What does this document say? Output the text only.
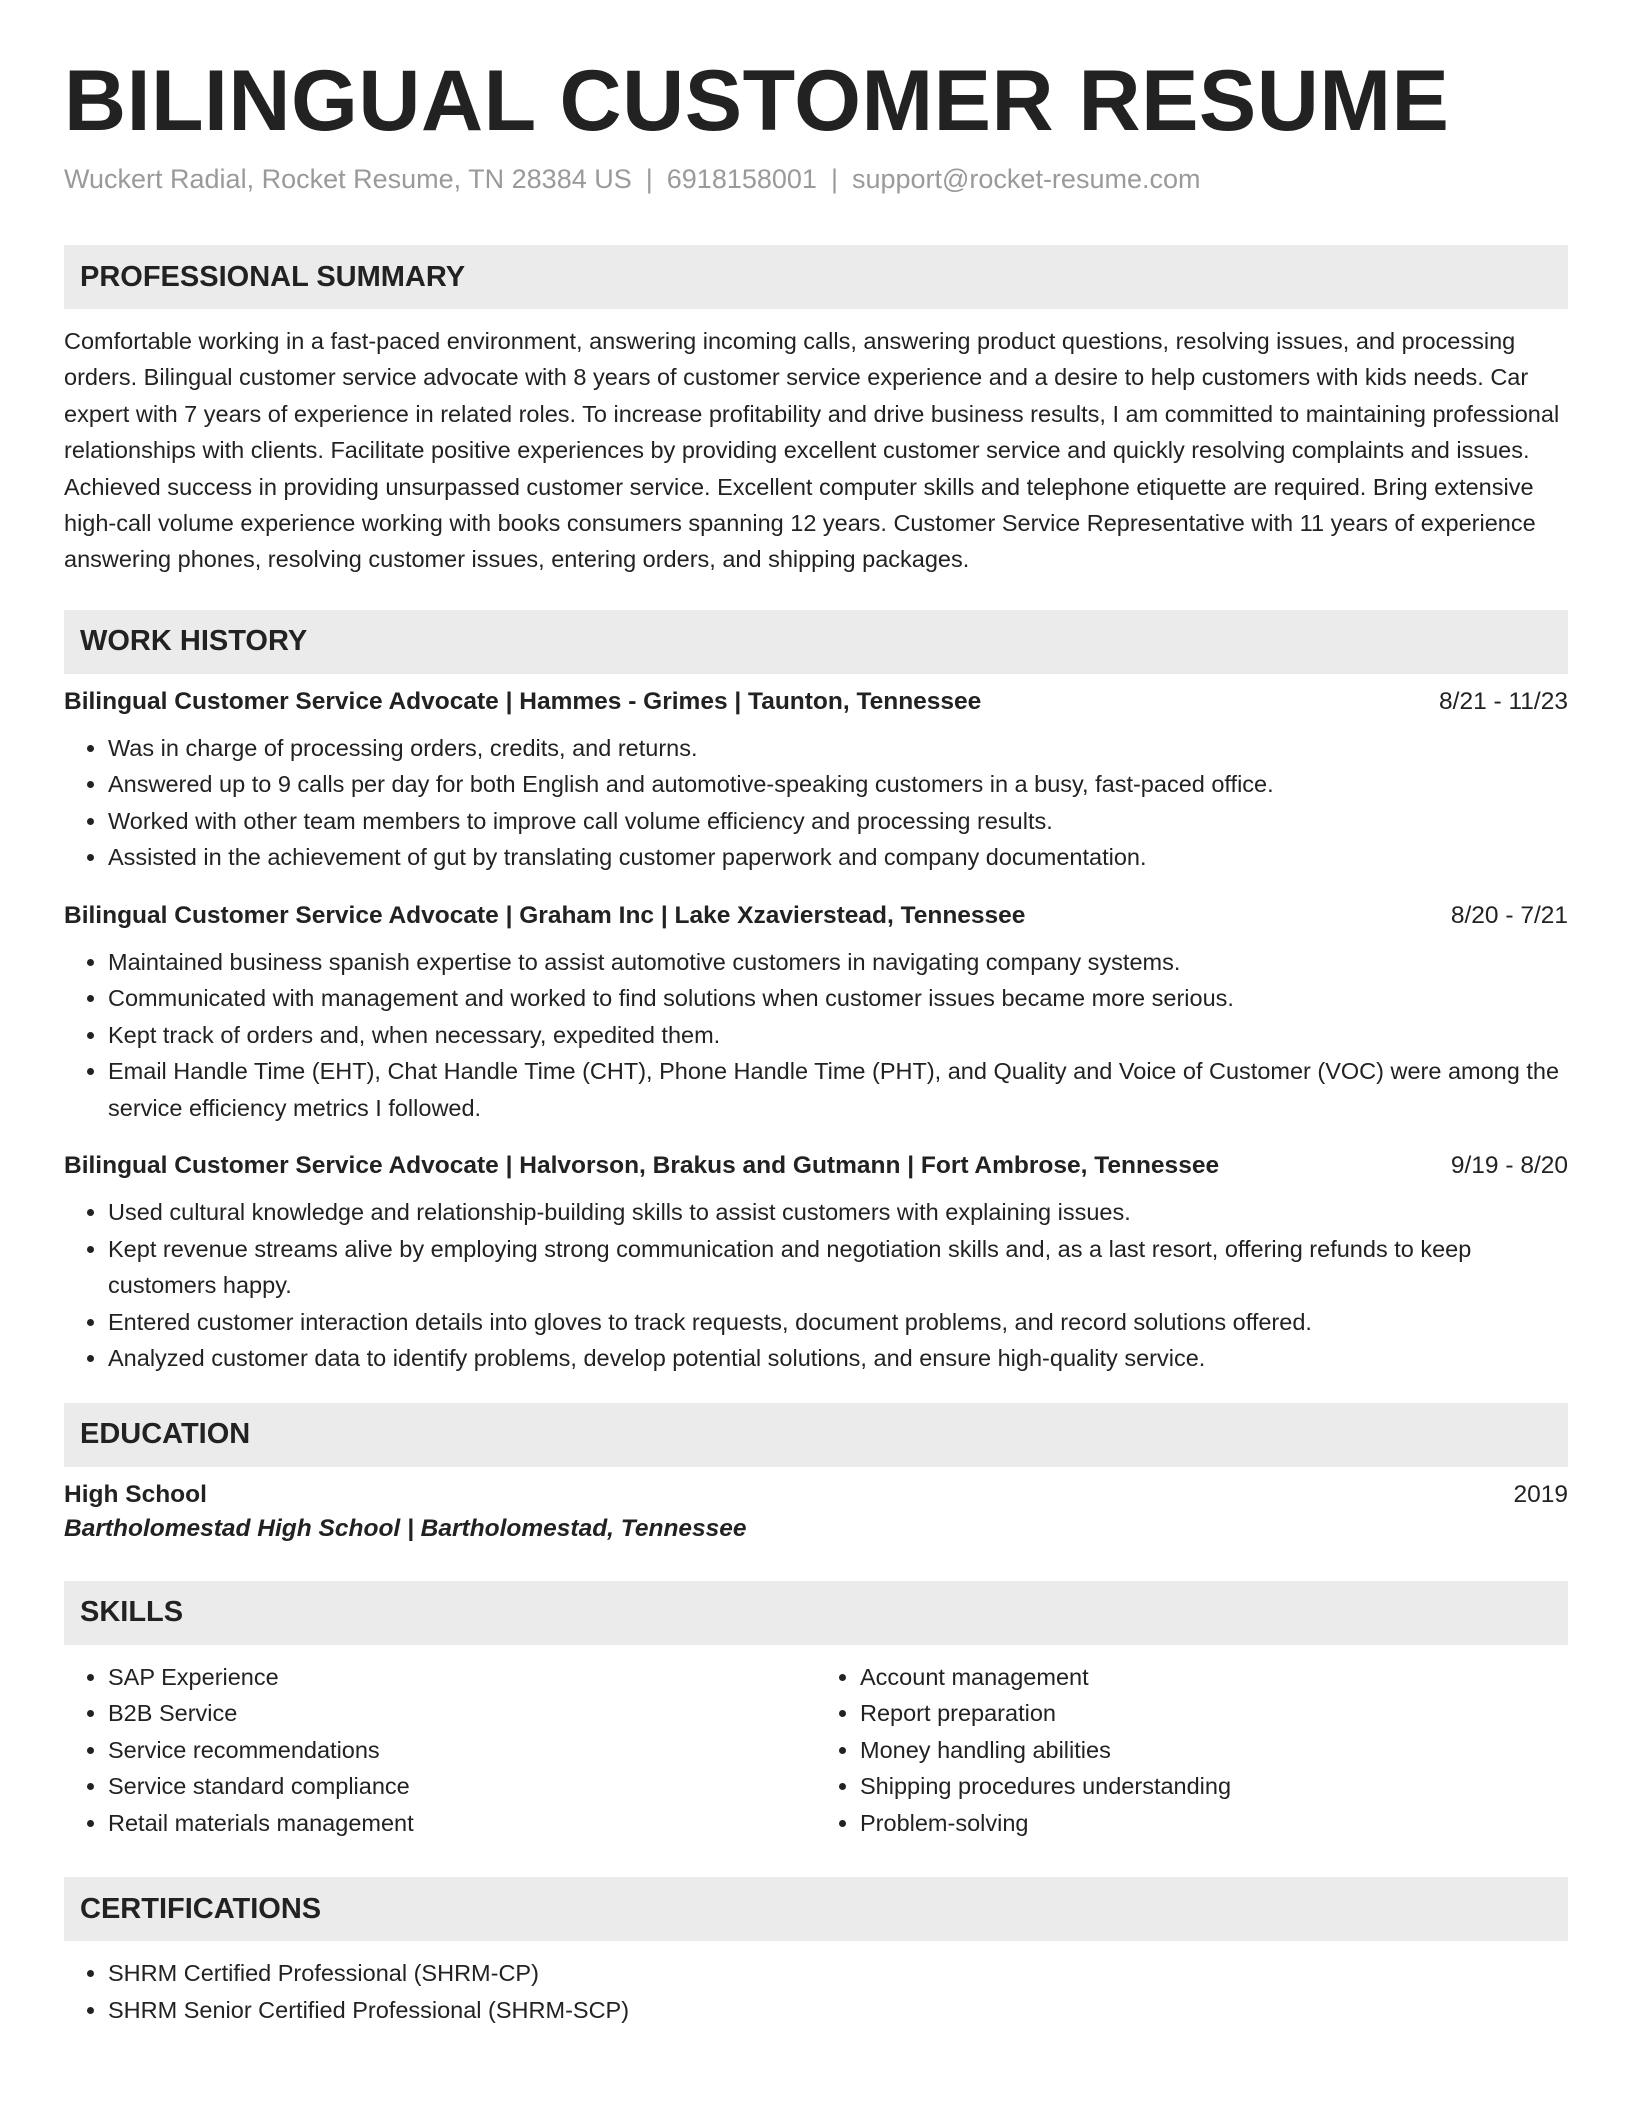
BILINGUAL CUSTOMER RESUME
Wuckert Radial, Rocket Resume, TN 28384 US | 6918158001 | support@rocket-resume.com
PROFESSIONAL SUMMARY

Comfortable working in a fast-paced environment, answering incoming calls, answering product questions, resolving issues, and processing orders. Bilingual customer service advocate with 8 years of customer service experience and a desire to help customers with kids needs. Car expert with 7 years of experience in related roles. To increase profitability and drive business results, I am committed to maintaining professional relationships with clients. Facilitate positive experiences by providing excellent customer service and quickly resolving complaints and issues. Achieved success in providing unsurpassed customer service. Excellent computer skills and telephone etiquette are required. Bring extensive high-call volume experience working with books consumers spanning 12 years. Customer Service Representative with 11 years of experience answering phones, resolving customer issues, entering orders, and shipping packages.

WORK HISTORY
Bilingual Customer Service Advocate | Hammes - Grimes | Taunton, Tennessee	8/21 - 11/23
• Was in charge of processing orders, credits, and returns.
• Answered up to 9 calls per day for both English and automotive-speaking customers in a busy, fast-paced office.
• Worked with other team members to improve call volume efficiency and processing results.
• Assisted in the achievement of gut by translating customer paperwork and company documentation.
Bilingual Customer Service Advocate | Graham Inc | Lake Xzavierstead, Tennessee	8/20 - 7/21
• Maintained business spanish expertise to assist automotive customers in navigating company systems.
• Communicated with management and worked to find solutions when customer issues became more serious.
• Kept track of orders and, when necessary, expedited them.
• Email Handle Time (EHT), Chat Handle Time (CHT), Phone Handle Time (PHT), and Quality and Voice of Customer (VOC) were among the service efficiency metrics I followed.
Bilingual Customer Service Advocate | Halvorson, Brakus and Gutmann | Fort Ambrose, Tennessee	9/19 - 8/20
• Used cultural knowledge and relationship-building skills to assist customers with explaining issues.
• Kept revenue streams alive by employing strong communication and negotiation skills and, as a last resort, offering refunds to keep customers happy.
• Entered customer interaction details into gloves to track requests, document problems, and record solutions offered.
• Analyzed customer data to identify problems, develop potential solutions, and ensure high-quality service.
EDUCATION
High School	2019
Bartholomestad High School | Bartholomestad, Tennessee
SKILLS
• SAP Experience
• B2B Service
• Service recommendations
• Service standard compliance
• Retail materials management
• Account management
• Report preparation
• Money handling abilities
• Shipping procedures understanding
• Problem-solving
CERTIFICATIONS
• SHRM Certified Professional (SHRM-CP)
• SHRM Senior Certified Professional (SHRM-SCP)
